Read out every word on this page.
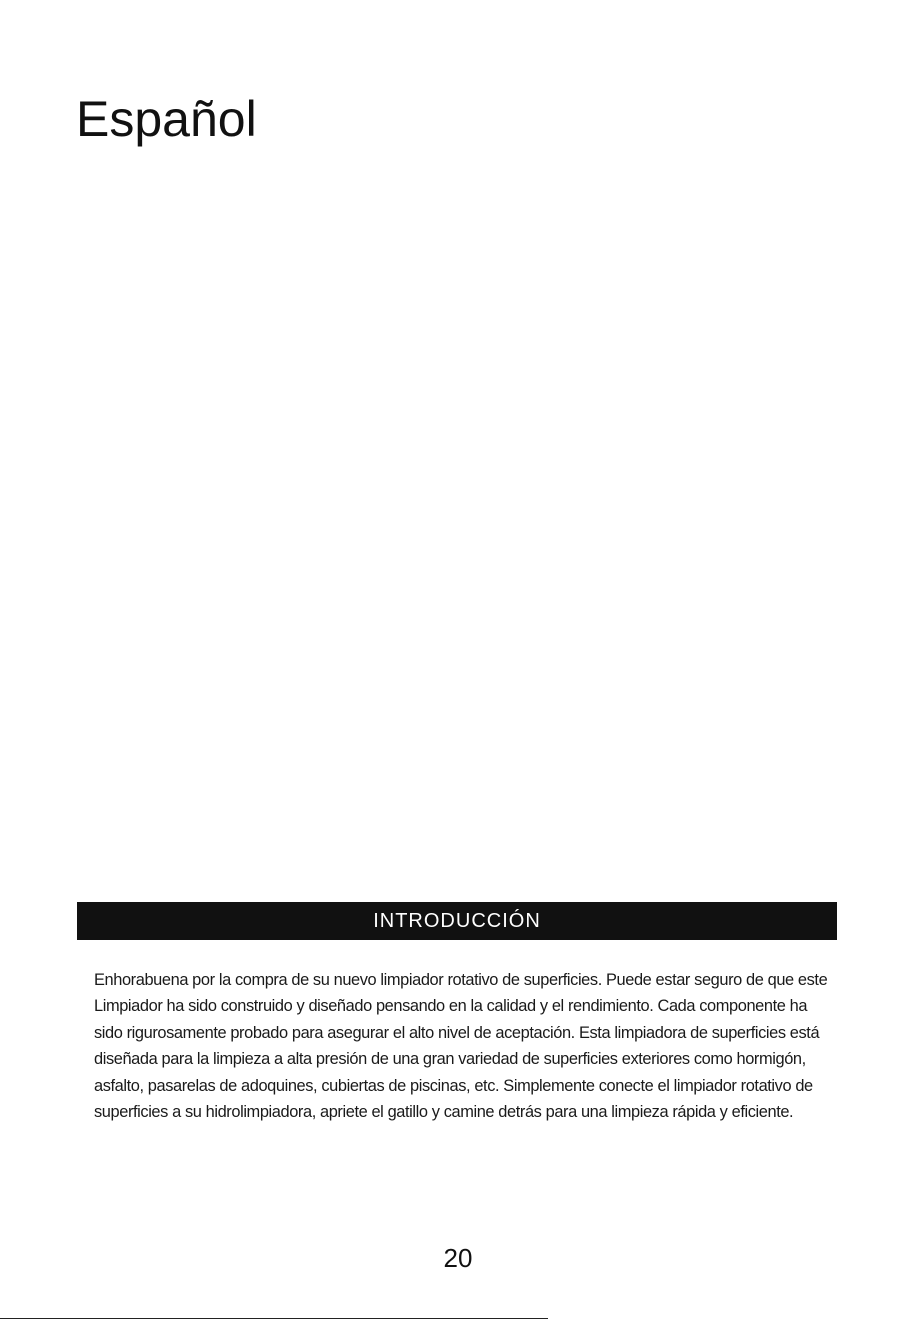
Español
INTRODUCCIÓN

Enhorabuena por la compra de su nuevo limpiador rotativo de superficies. Puede estar seguro de que este Limpiador ha sido construido y diseñado pensando en la calidad y el rendimiento. Cada componente ha sido rigurosamente probado para asegurar el alto nivel de aceptación. Esta limpiadora de superficies está diseñada para la limpieza a alta presión de una gran variedad de superficies exteriores como hormigón, asfalto, pasarelas de adoquines, cubiertas de piscinas, etc. Simplemente conecte el limpiador rotativo de superficies a su hidrolimpiadora, apriete el gatillo y camine detrás para una limpieza rápida y eficiente.

20
